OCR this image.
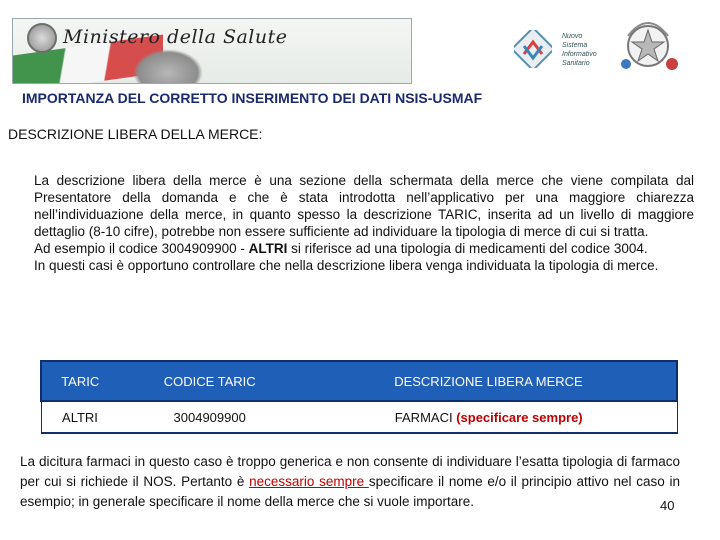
Ministero della Salute	Nuovo
Sistema
Informativo
Sanitario
IMPORTANZA DEL CORRETTO INSERIMENTO DEI DATI NSIS-USMAF
DESCRIZIONE LIBERA DELLA MERCE:

La descrizione libera della merce è una sezione della schermata della merce che viene compilata dal Presentatore della domanda e che è stata introdotta nell’applicativo per una maggiore chiarezza nell’individuazione della merce, in quanto spesso la descrizione TARIC, inserita ad un livello di maggiore dettaglio (8-10 cifre), potrebbe non essere sufficiente ad individuare la tipologia di merce di cui si tratta.

Ad esempio il codice 3004909900 - ALTRI si riferisce ad una tipologia di medicamenti del codice 3004.

In questi casi è opportuno controllare che nella descrizione libera venga individuata la tipologia di merce.

TARIC	CODICE TARIC	DESCRIZIONE LIBERA MERCE
ALTRI	3004909900	FARMACI (specificare sempre)
La dicitura farmaci in questo caso è troppo generica e non consente di individuare l’esatta tipologia di farmaco per cui si richiede il NOS. Pertanto è necessario sempre specificare il nome e/o il principio attivo nel caso in esempio; in generale specificare il nome della merce che si vuole importare.	40
